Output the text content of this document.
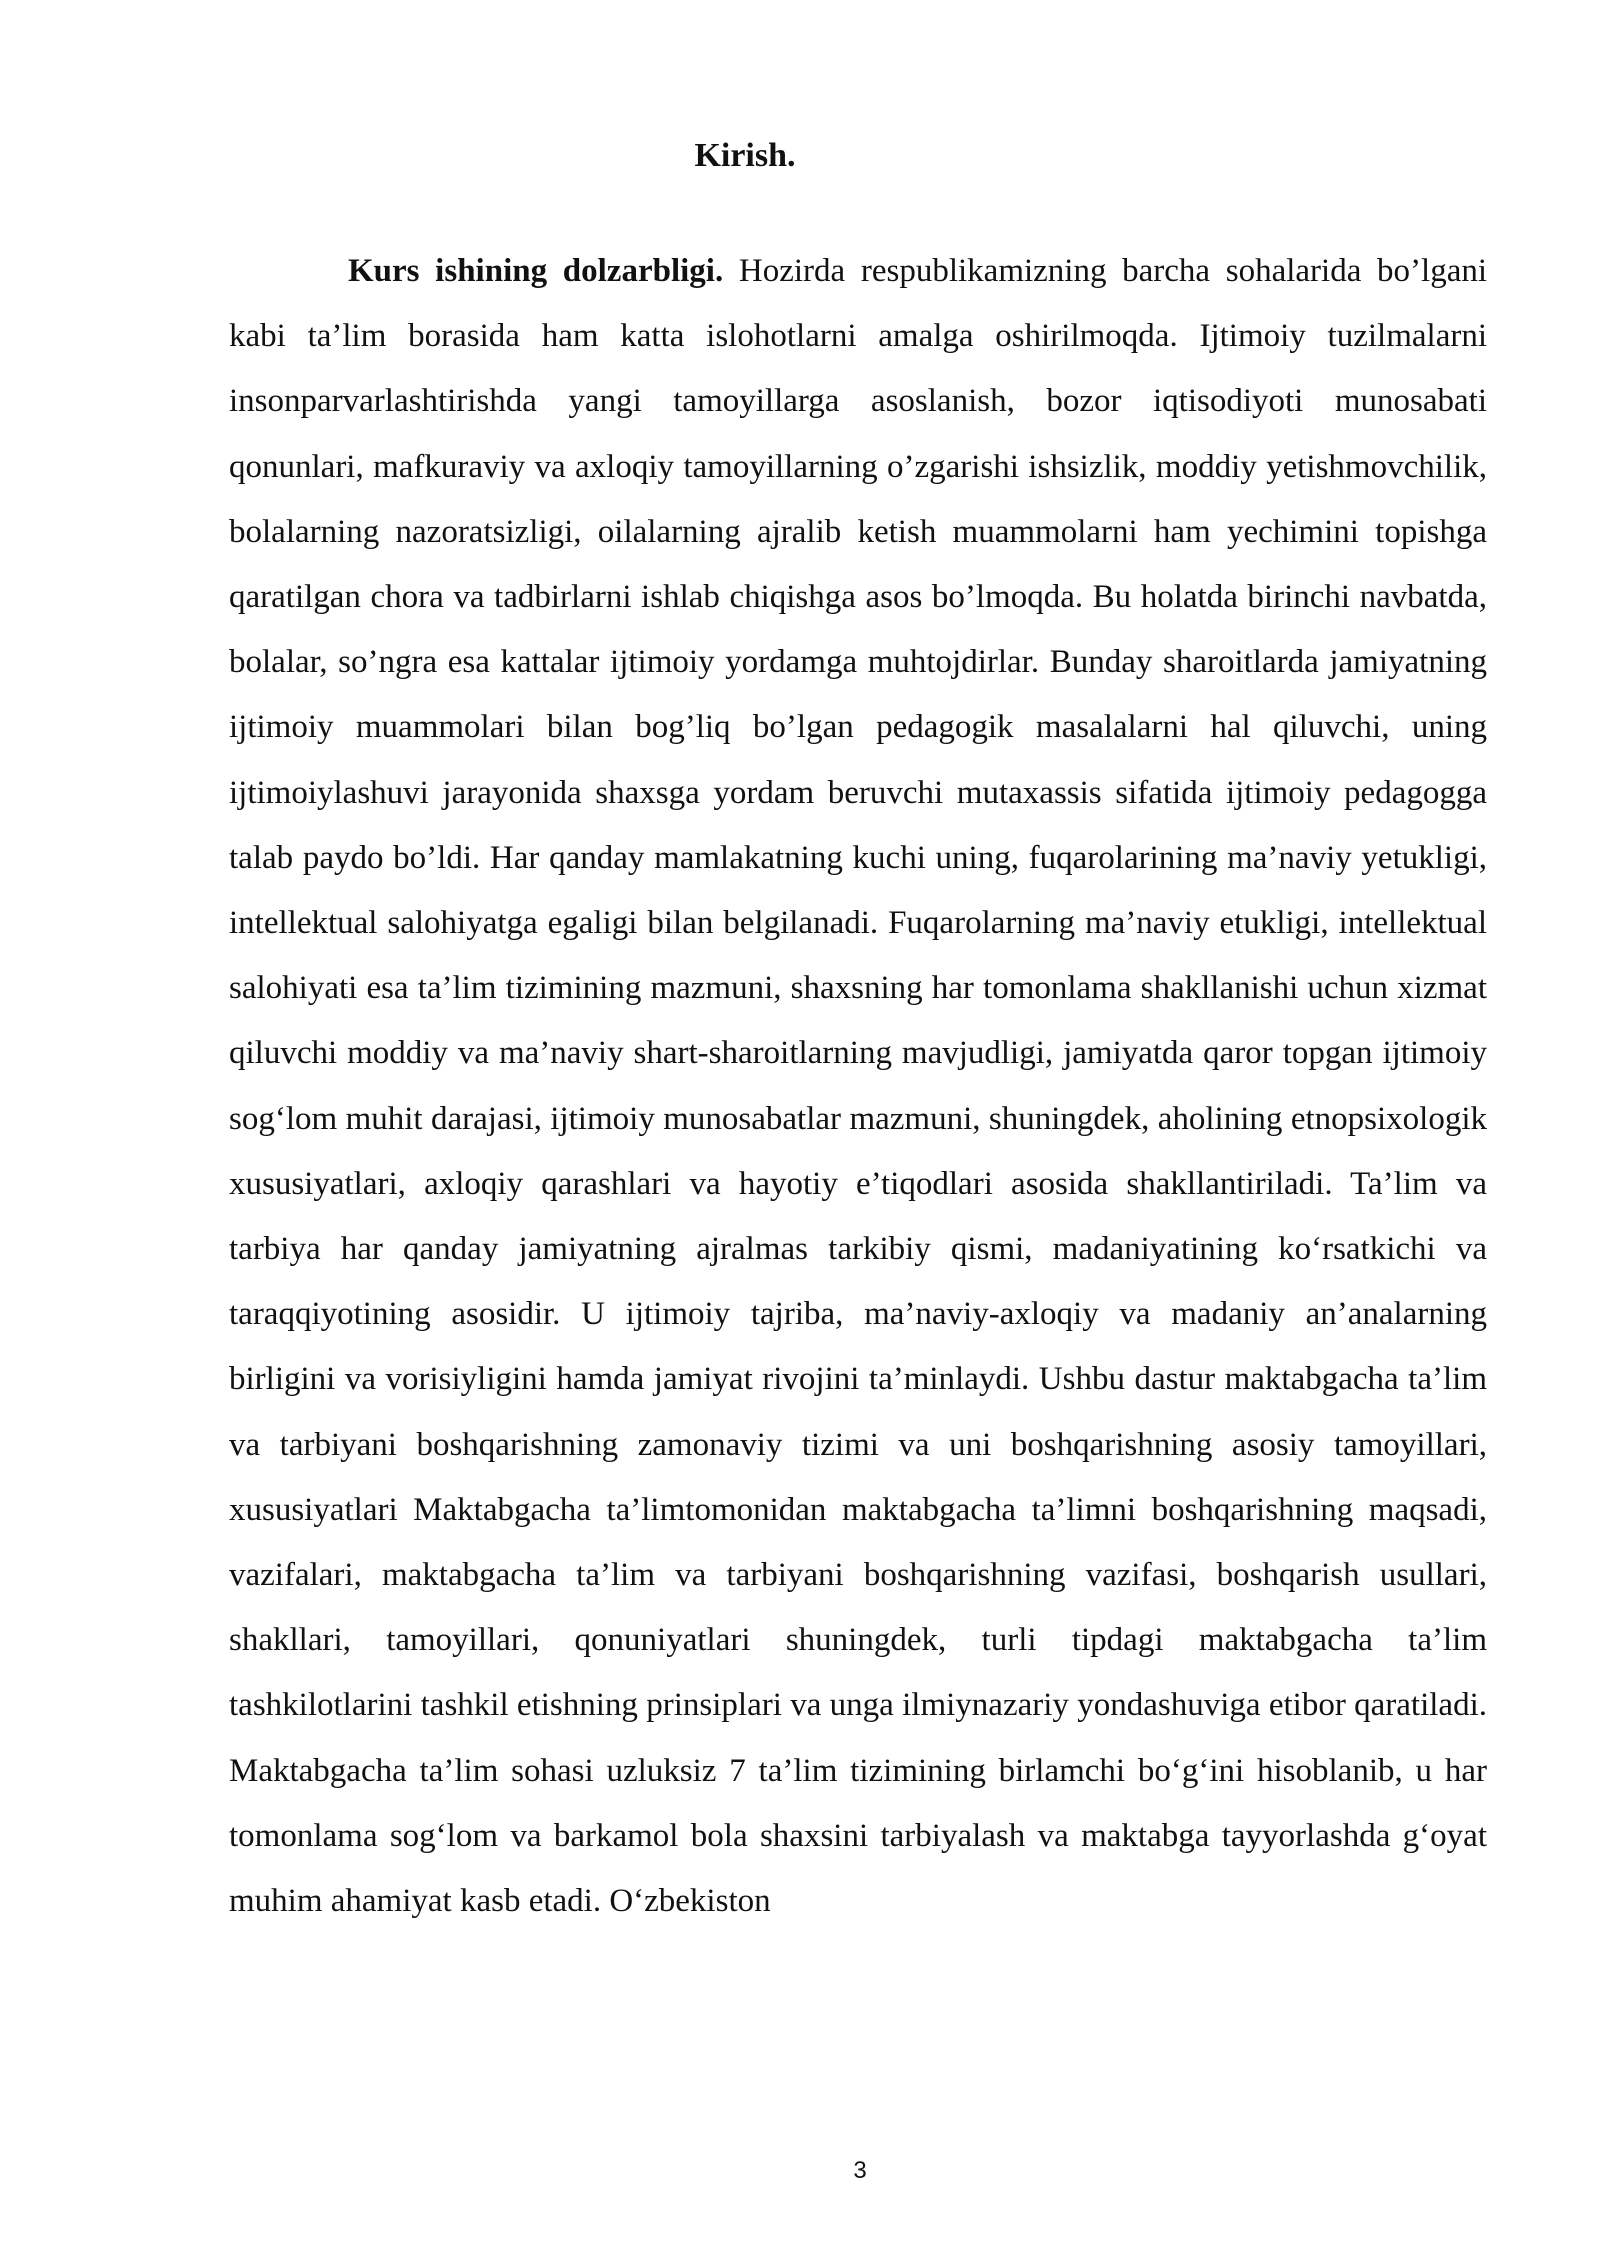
Kirish.

Kurs ishining dolzarbligi. Hozirda respublikamizning barcha sohalarida bo’lgani kabi ta’lim borasida ham katta islohotlarni amalga oshirilmoqda. Ijtimoiy tuzilmalarni insonparvarlashtirishda yangi tamoyillarga asoslanish, bozor iqtisodiyoti munosabati qonunlari, mafkuraviy va axloqiy tamoyillarning o’zgarishi ishsizlik, moddiy yetishmovchilik, bolalarning nazoratsizligi, oilalarning ajralib ketish muammolarni ham yechimini topishga qaratilgan chora va tadbirlarni ishlab chiqishga asos bo’lmoqda. Bu holatda birinchi navbatda, bolalar, so’ngra esa kattalar ijtimoiy yordamga muhtojdirlar. Bunday sharoitlarda jamiyatning ijtimoiy muammolari bilan bog’liq bo’lgan pedagogik masalalarni hal qiluvchi, uning ijtimoiylashuvi jarayonida shaxsga yordam beruvchi mutaxassis sifatida ijtimoiy pedagogga talab paydo bo’ldi. Har qanday mamlakatning kuchi uning, fuqarolarining ma’naviy yetukligi, intellektual salohiyatga egaligi bilan belgilanadi. Fuqarolarning ma’naviy etukligi, intellektual salohiyati esa ta’lim tizimining mazmuni, shaxsning har tomonlama shakllanishi uchun xizmat qiluvchi moddiy va ma’naviy shart-sharoitlarning mavjudligi, jamiyatda qaror topgan ijtimoiy sog‘lom muhit darajasi, ijtimoiy munosabatlar mazmuni, shuningdek, aholining etnopsixologik xususiyatlari, axloqiy qarashlari va hayotiy e’tiqodlari asosida shakllantiriladi. Ta’lim va tarbiya har qanday jamiyatning ajralmas tarkibiy qismi, madaniyatining ko‘rsatkichi va taraqqiyotining asosidir. U ijtimoiy tajriba, ma’naviy-axloqiy va madaniy an’analarning birligini va vorisiyligini hamda jamiyat rivojini ta’minlaydi. Ushbu dastur maktabgacha ta’lim va tarbiyani boshqarishning zamonaviy tizimi va uni boshqarishning asosiy tamoyillari, xususiyatlari Maktabgacha ta’limtomonidan maktabgacha ta’limni boshqarishning maqsadi, vazifalari, maktabgacha ta’lim va tarbiyani boshqarishning vazifasi, boshqarish usullari, shakllari, tamoyillari, qonuniyatlari shuningdek, turli tipdagi maktabgacha ta’lim tashkilotlarini tashkil etishning prinsiplari va unga ilmiynazariy yondashuviga etibor qaratiladi. Maktabgacha ta’lim sohasi uzluksiz 7 ta’lim tizimining birlamchi bo‘g‘ini hisoblanib, u har tomonlama sog‘lom va barkamol bola shaxsini tarbiyalash va maktabga tayyorlashda g‘oyat muhim ahamiyat kasb etadi. O‘zbekiston

3
